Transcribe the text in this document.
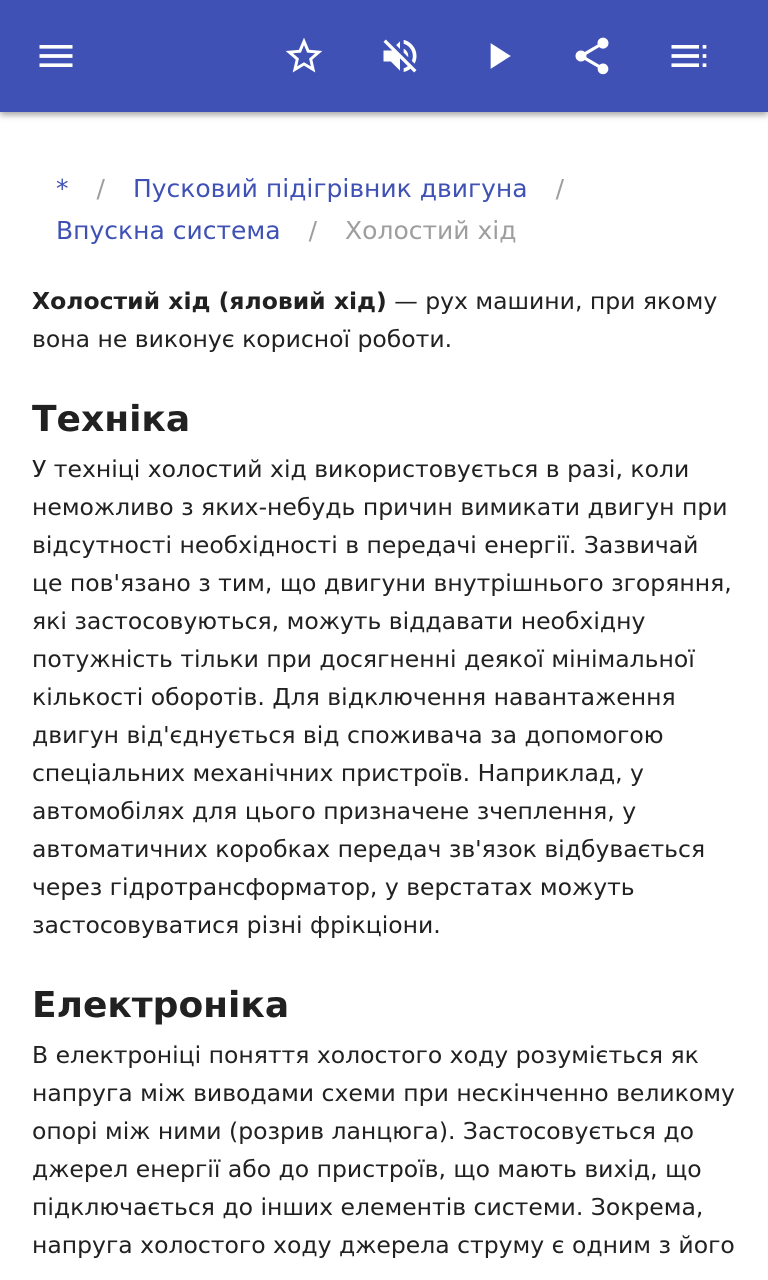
* / Пусковий підігрівник двигуна /
Впускна система / Холостий хід

Холостий хід (яловий хід) — рух машини, при якому вона не виконує корисної роботи.

Техніка

У техніці холостий хід використовується в разі, коли неможливо з яких-небудь причин вимикати двигун при відсутності необхідності в передачі енергії. Зазвичай це пов'язано з тим, що двигуни внутрішнього згоряння, які застосовуються, можуть віддавати необхідну потужність тільки при досягненні деякої мінімальної кількості оборотів. Для відключення навантаження двигун від'єднується від споживача за допомогою спеціальних механічних пристроїв. Наприклад, у автомобілях для цього призначене зчеплення, у автоматичних коробках передач зв'язок відбувається через гідротрансформатор, у верстатах можуть застосовуватися різні фрікціони.

Електроніка

В електроніці поняття холостого ходу розуміється як напруга між виводами схеми при нескінченно великому опорі між ними (розрив ланцюга). Застосовується до джерел енергії або до пристроїв, що мають вихід, що підключається до інших елементів системи. Зокрема, напруга холостого ходу джерела струму є одним з його
